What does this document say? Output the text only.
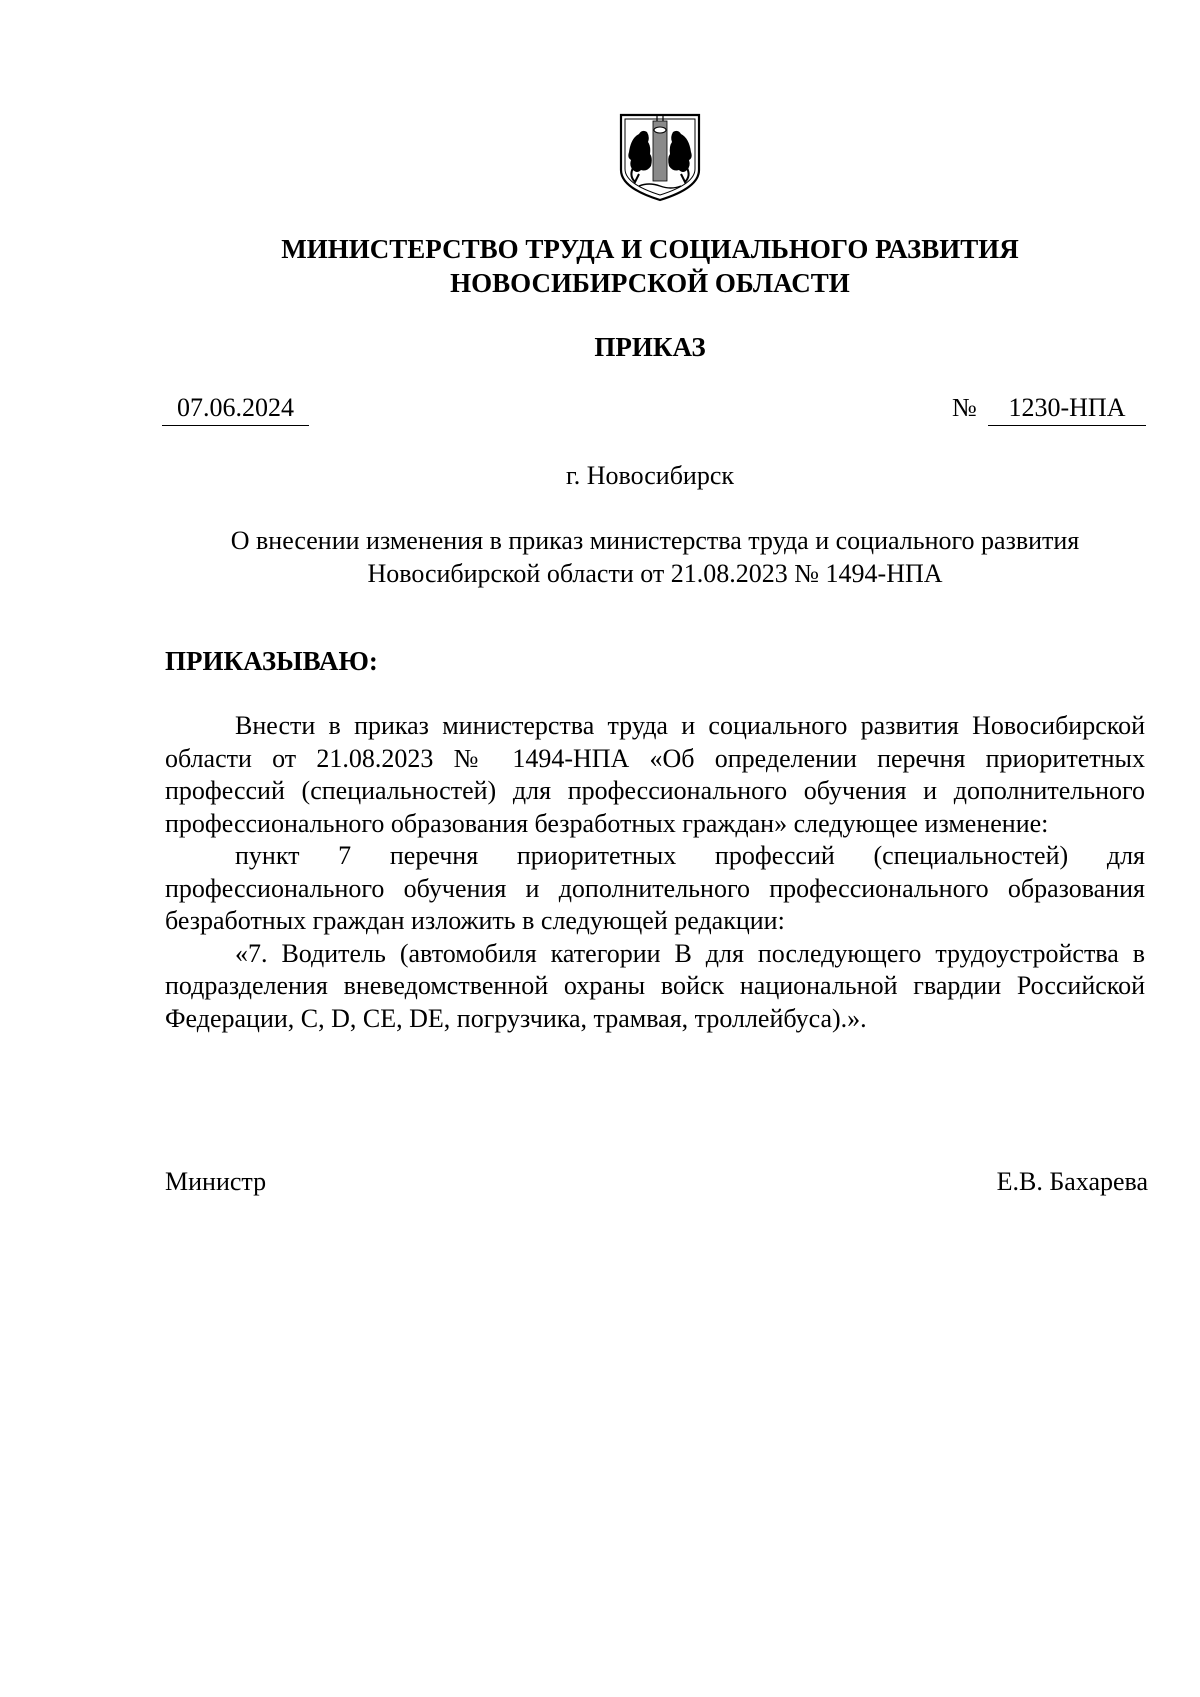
МИНИСТЕРСТВО ТРУДА И СОЦИАЛЬНОГО РАЗВИТИЯ
НОВОСИБИРСКОЙ ОБЛАСТИ
ПРИКАЗ
07.06.2024	№	1230-НПА
г. Новосибирск
О внесении изменения в приказ министерства труда и социального развития
Новосибирской области от 21.08.2023 № 1494-НПА
ПРИКАЗЫВАЮ:

Внести в приказ министерства труда и социального развития Новосибирской области от 21.08.2023 № 1494-НПА «Об определении перечня приоритетных профессий (специальностей) для профессионального обучения и дополнительного профессионального образования безработных граждан» следующее изменение:

пункт 7 перечня приоритетных профессий (специальностей) для профессионального обучения и дополнительного профессионального образования безработных граждан изложить в следующей редакции:

«7. Водитель (автомобиля категории B для последующего трудоустройства в подразделения вневедомственной охраны войск национальной гвардии Российской Федерации, C, D, CE, DE, погрузчика, трамвая, троллейбуса).».

Министр	Е.В. Бахарева
